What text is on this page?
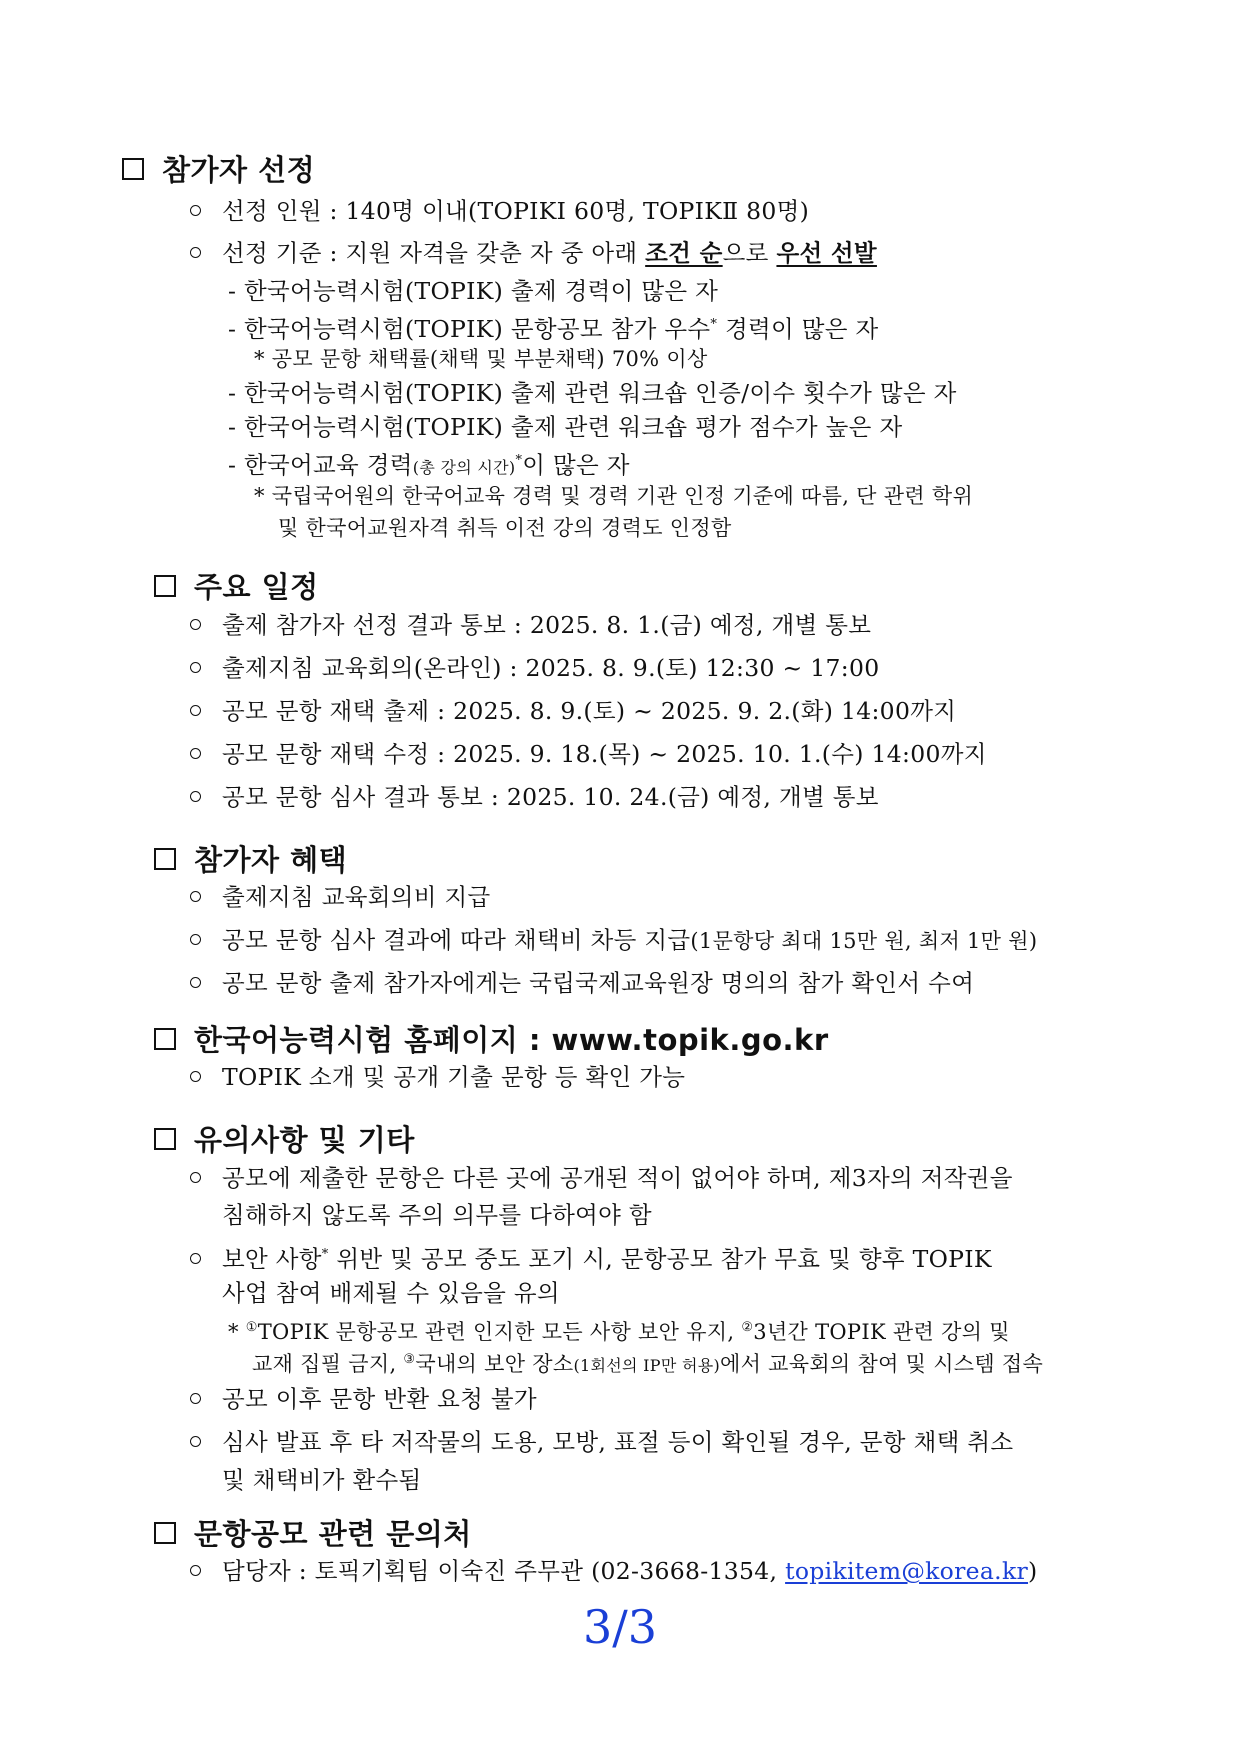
참가자 선정
선정 인원 : 140명 이내(TOPIKⅠ 60명, TOPIKⅡ 80명)
선정 기준 : 지원 자격을 갖춘 자 중 아래 조건 순으로 우선 선발
- 한국어능력시험(TOPIK) 출제 경력이 많은 자
- 한국어능력시험(TOPIK) 문항공모 참가 우수* 경력이 많은 자
* 공모 문항 채택률(채택 및 부분채택) 70% 이상
- 한국어능력시험(TOPIK) 출제 관련 워크숍 인증/이수 횟수가 많은 자
- 한국어능력시험(TOPIK) 출제 관련 워크숍 평가 점수가 높은 자
- 한국어교육 경력(총 강의 시간)*이 많은 자
* 국립국어원의 한국어교육 경력 및 경력 기관 인정 기준에 따름, 단 관련 학위
및 한국어교원자격 취득 이전 강의 경력도 인정함
주요 일정
출제 참가자 선정 결과 통보 : 2025. 8. 1.(금) 예정, 개별 통보
출제지침 교육회의(온라인) : 2025. 8. 9.(토) 12:30 ~ 17:00
공모 문항 재택 출제 : 2025. 8. 9.(토) ~ 2025. 9. 2.(화) 14:00까지
공모 문항 재택 수정 : 2025. 9. 18.(목) ~ 2025. 10. 1.(수) 14:00까지
공모 문항 심사 결과 통보 : 2025. 10. 24.(금) 예정, 개별 통보
참가자 혜택
출제지침 교육회의비 지급
공모 문항 심사 결과에 따라 채택비 차등 지급(1문항당 최대 15만 원, 최저 1만 원)
공모 문항 출제 참가자에게는 국립국제교육원장 명의의 참가 확인서 수여
한국어능력시험 홈페이지 : www.topik.go.kr
TOPIK 소개 및 공개 기출 문항 등 확인 가능
유의사항 및 기타
공모에 제출한 문항은 다른 곳에 공개된 적이 없어야 하며, 제3자의 저작권을
침해하지 않도록 주의 의무를 다하여야 함
보안 사항* 위반 및 공모 중도 포기 시, 문항공모 참가 무효 및 향후 TOPIK
사업 참여 배제될 수 있음을 유의
* ①TOPIK 문항공모 관련 인지한 모든 사항 보안 유지, ②3년간 TOPIK 관련 강의 및
교재 집필 금지, ③국내의 보안 장소(1회선의 IP만 허용)에서 교육회의 참여 및 시스템 접속
공모 이후 문항 반환 요청 불가
심사 발표 후 타 저작물의 도용, 모방, 표절 등이 확인될 경우, 문항 채택 취소
및 채택비가 환수됨
문항공모 관련 문의처
담당자 : 토픽기획팀 이숙진 주무관 (02-3668-1354, topikitem@korea.kr)
3/3
